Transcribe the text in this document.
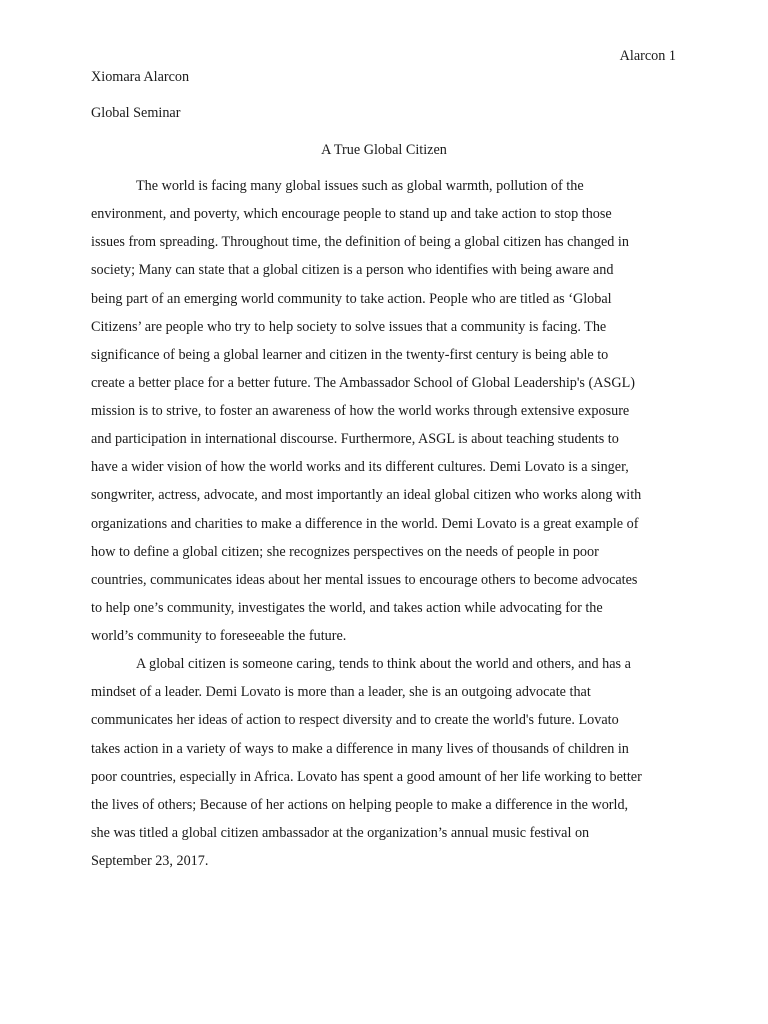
Alarcon 1
Xiomara Alarcon
Global Seminar
A True Global Citizen
The world is facing many global issues such as global warmth, pollution of the
environment, and poverty, which encourage people to stand up and take action to stop those
issues from spreading. Throughout time, the definition of being a global citizen has changed in
society; Many can state that a global citizen is a person who identifies with being aware and
being part of an emerging world community to take action. People who are titled as ‘Global
Citizens’ are people who try to help society to solve issues that a community is facing. The
significance of being a global learner and citizen in the twenty-first century is being able to
create a better place for a better future. The Ambassador School of Global Leadership's (ASGL)
mission is to strive, to foster an awareness of how the world works through extensive exposure
and participation in international discourse. Furthermore, ASGL is about teaching students to
have a wider vision of how the world works and its different cultures. Demi Lovato is a singer,
songwriter, actress, advocate, and most importantly an ideal global citizen who works along with
organizations and charities to make a difference in the world. Demi Lovato is a great example of
how to define a global citizen; she recognizes perspectives on the needs of people in poor
countries, communicates ideas about her mental issues to encourage others to become advocates
to help one’s community, investigates the world, and takes action while advocating for the
world’s community to foreseeable the future.
A global citizen is someone caring, tends to think about the world and others, and has a
mindset of a leader. Demi Lovato is more than a leader, she is an outgoing advocate that
communicates her ideas of action to respect diversity and to create the world's future. Lovato
takes action in a variety of ways to make a difference in many lives of thousands of children in
poor countries, especially in Africa. Lovato has spent a good amount of her life working to better
the lives of others; Because of her actions on helping people to make a difference in the world,
she was titled a global citizen ambassador at the organization’s annual music festival on
September 23, 2017.
